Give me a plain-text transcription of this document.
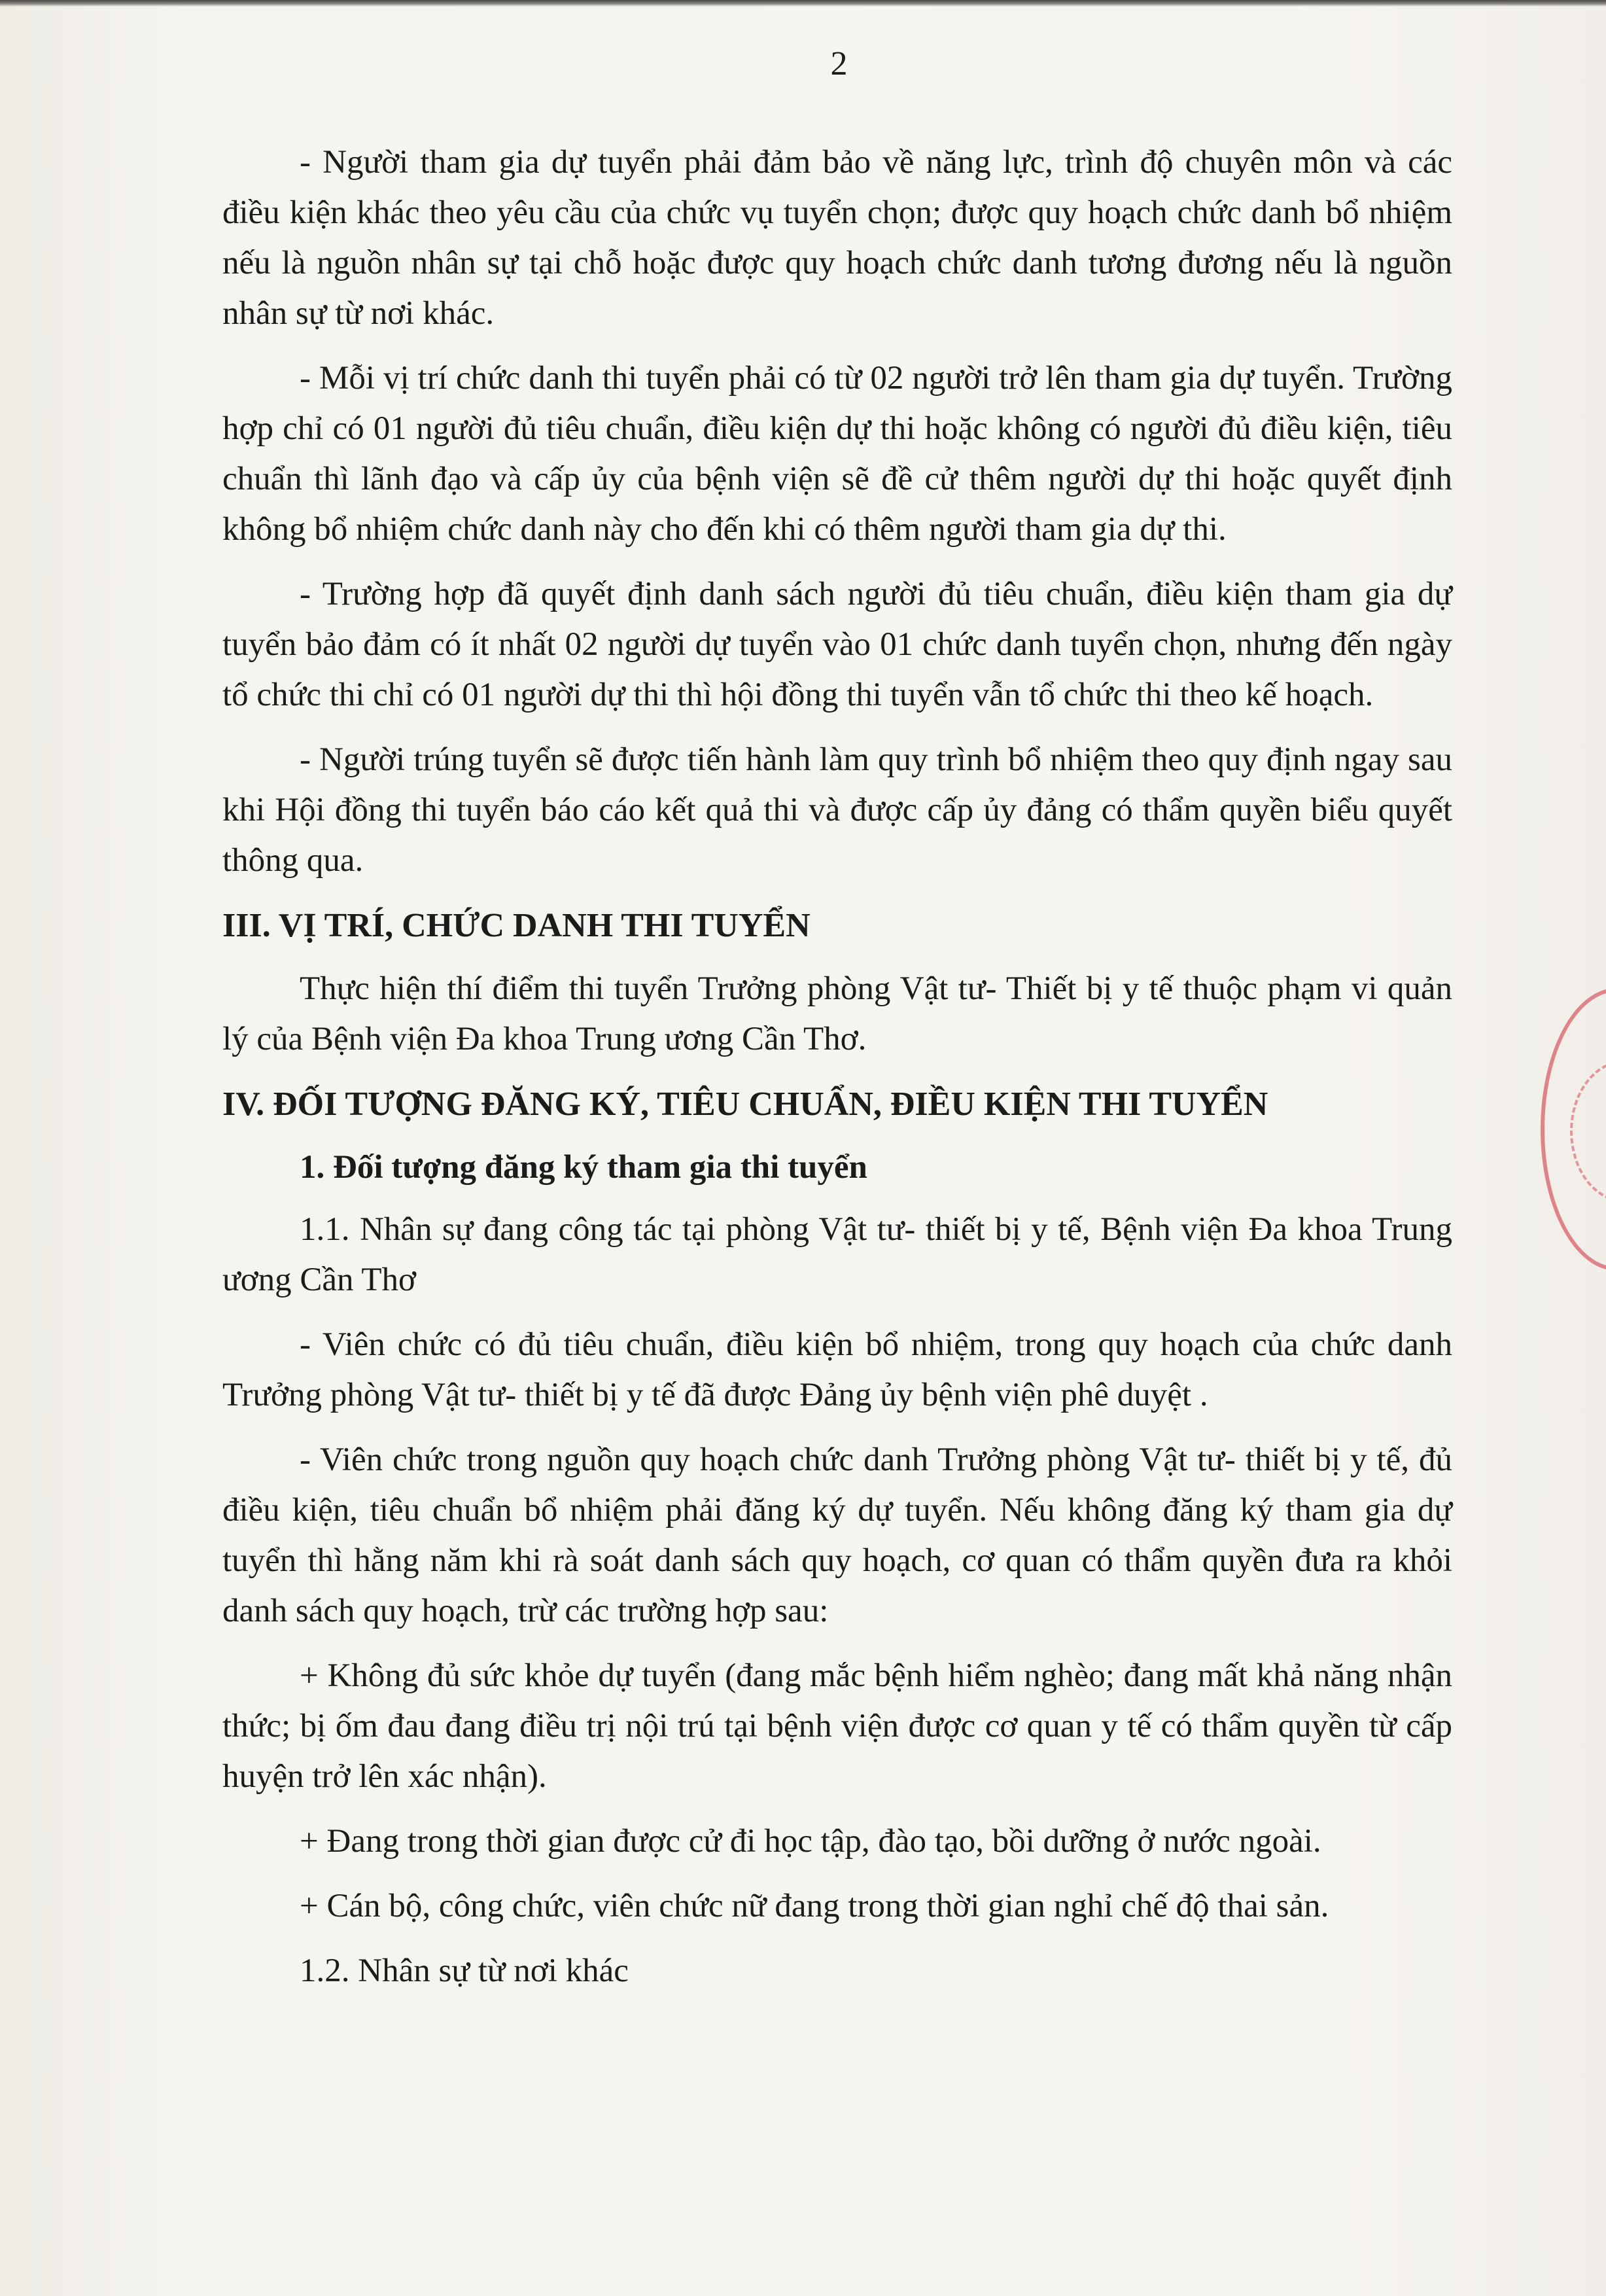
2

- Người tham gia dự tuyển phải đảm bảo về năng lực, trình độ chuyên môn và các điều kiện khác theo yêu cầu của chức vụ tuyển chọn; được quy hoạch chức danh bổ nhiệm nếu là nguồn nhân sự tại chỗ hoặc được quy hoạch chức danh tương đương nếu là nguồn nhân sự từ nơi khác.

- Mỗi vị trí chức danh thi tuyển phải có từ 02 người trở lên tham gia dự tuyển. Trường hợp chỉ có 01 người đủ tiêu chuẩn, điều kiện dự thi hoặc không có người đủ điều kiện, tiêu chuẩn thì lãnh đạo và cấp ủy của bệnh viện sẽ đề cử thêm người dự thi hoặc quyết định không bổ nhiệm chức danh này cho đến khi có thêm người tham gia dự thi.

- Trường hợp đã quyết định danh sách người đủ tiêu chuẩn, điều kiện tham gia dự tuyển bảo đảm có ít nhất 02 người dự tuyển vào 01 chức danh tuyển chọn, nhưng đến ngày tổ chức thi chỉ có 01 người dự thi thì hội đồng thi tuyển vẫn tổ chức thi theo kế hoạch.

- Người trúng tuyển sẽ được tiến hành làm quy trình bổ nhiệm theo quy định ngay sau khi Hội đồng thi tuyển báo cáo kết quả thi và được cấp ủy đảng có thẩm quyền biểu quyết thông qua.

III. VỊ TRÍ, CHỨC DANH THI TUYỂN

Thực hiện thí điểm thi tuyển Trưởng phòng Vật tư- Thiết bị y tế thuộc phạm vi quản lý của Bệnh viện Đa khoa Trung ương Cần Thơ.

IV. ĐỐI TƯỢNG ĐĂNG KÝ, TIÊU CHUẨN, ĐIỀU KIỆN THI TUYỂN
1. Đối tượng đăng ký tham gia thi tuyển

1.1. Nhân sự đang công tác tại phòng Vật tư- thiết bị y tế, Bệnh viện Đa khoa Trung ương Cần Thơ

- Viên chức có đủ tiêu chuẩn, điều kiện bổ nhiệm, trong quy hoạch của chức danh Trưởng phòng Vật tư- thiết bị y tế đã được Đảng ủy bệnh viện phê duyệt .

- Viên chức trong nguồn quy hoạch chức danh Trưởng phòng Vật tư- thiết bị y tế, đủ điều kiện, tiêu chuẩn bổ nhiệm phải đăng ký dự tuyển. Nếu không đăng ký tham gia dự tuyển thì hằng năm khi rà soát danh sách quy hoạch, cơ quan có thẩm quyền đưa ra khỏi danh sách quy hoạch, trừ các trường hợp sau:

+ Không đủ sức khỏe dự tuyển (đang mắc bệnh hiểm nghèo; đang mất khả năng nhận thức; bị ốm đau đang điều trị nội trú tại bệnh viện được cơ quan y tế có thẩm quyền từ cấp huyện trở lên xác nhận).

+ Đang trong thời gian được cử đi học tập, đào tạo, bồi dưỡng ở nước ngoài.

+ Cán bộ, công chức, viên chức nữ đang trong thời gian nghỉ chế độ thai sản.

1.2. Nhân sự từ nơi khác
